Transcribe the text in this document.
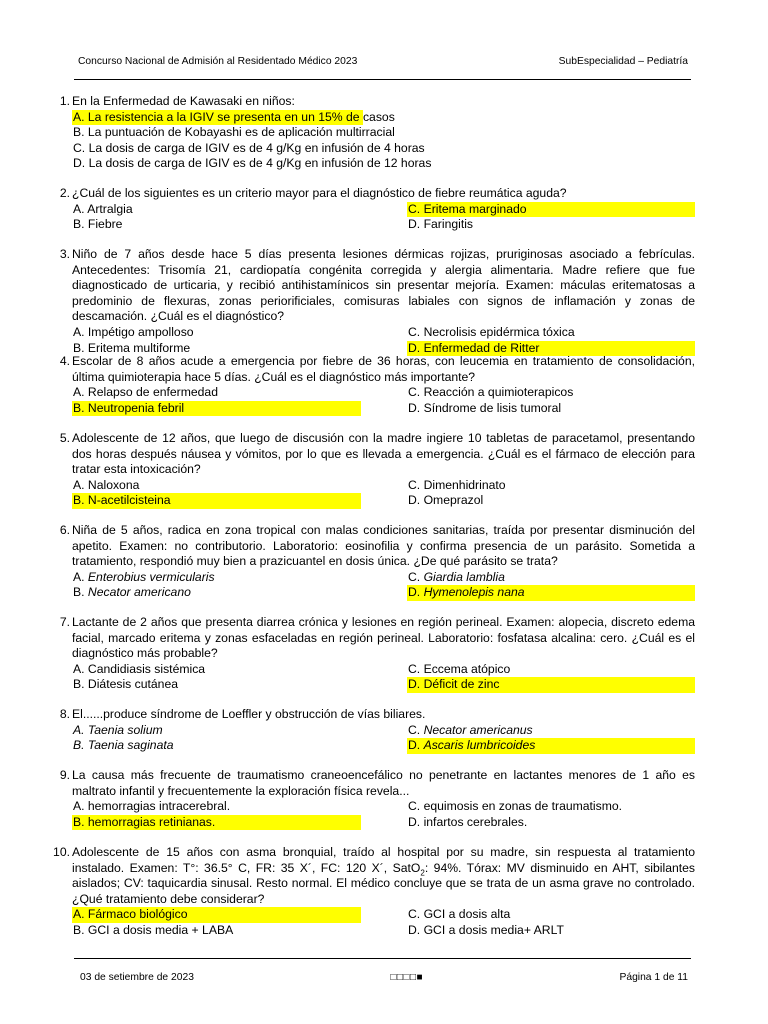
Concurso Nacional de Admisión al Residentado Médico 2023	SubEspecialidad – Pediatría
1. En la Enfermedad de Kawasaki en niños:
A. La resistencia a la IGIV se presenta en un 15% de casos
B. La puntuación de Kobayashi es de aplicación multirracial
C. La dosis de carga de IGIV es de 4 g/Kg en infusión de 4 horas
D. La dosis de carga de IGIV es de 4 g/Kg en infusión de 12 horas
2. ¿Cuál de los siguientes es un criterio mayor para el diagnóstico de fiebre reumática aguda?
A. Artralgia	C. Eritema marginado
B. Fiebre	D. Faringitis
3. Niño de 7 años desde hace 5 días presenta lesiones dérmicas rojizas, pruriginosas asociado a febrículas. Antecedentes: Trisomía 21, cardiopatía congénita corregida y alergia alimentaria. Madre refiere que fue diagnosticado de urticaria, y recibió antihistamínicos sin presentar mejoría. Examen: máculas eritematosas a predominio de flexuras, zonas periorificiales, comisuras labiales con signos de inflamación y zonas de descamación. ¿Cuál es el diagnóstico?
A. Impétigo ampolloso	C. Necrolisis epidérmica tóxica
B. Eritema multiforme	D. Enfermedad de Ritter
4. Escolar de 8 años acude a emergencia por fiebre de 36 horas, con leucemia en tratamiento de consolidación, última quimioterapia hace 5 días. ¿Cuál es el diagnóstico más importante?
A. Relapso de enfermedad	C. Reacción a quimioterapicos
B. Neutropenia febril	D. Síndrome de lisis tumoral
5. Adolescente de 12 años, que luego de discusión con la madre ingiere 10 tabletas de paracetamol, presentando dos horas después náusea y vómitos, por lo que es llevada a emergencia. ¿Cuál es el fármaco de elección para tratar esta intoxicación?
A. Naloxona	C. Dimenhidrinato
B. N-acetilcisteina	D. Omeprazol
6. Niña de 5 años, radica en zona tropical con malas condiciones sanitarias, traída por presentar disminución del apetito. Examen: no contributorio. Laboratorio: eosinofilia y confirma presencia de un parásito. Sometida a tratamiento, respondió muy bien a prazicuantel en dosis única. ¿De qué parásito se trata?
A. Enterobius vermicularis	C. Giardia lamblia
B. Necator americano	D. Hymenolepis nana
7. Lactante de 2 años que presenta diarrea crónica y lesiones en región perineal. Examen: alopecia, discreto edema facial, marcado eritema y zonas esfaceladas en región perineal. Laboratorio: fosfatasa alcalina: cero. ¿Cuál es el diagnóstico más probable?
A. Candidiasis sistémica	C. Eccema atópico
B. Diátesis cutánea	D. Déficit de zinc
8. El......produce síndrome de Loeffler y obstrucción de vías biliares.
A. Taenia solium	C. Necator americanus
B. Taenia saginata	D. Ascaris lumbricoides
9. La causa más frecuente de traumatismo craneoencefálico no penetrante en lactantes menores de 1 año es maltrato infantil y frecuentemente la exploración física revela...
A. hemorragias intracerebral.	C. equimosis en zonas de traumatismo.
B. hemorragias retinianas.	D. infartos cerebrales.
10. Adolescente de 15 años con asma bronquial, traído al hospital por su madre, sin respuesta al tratamiento instalado. Examen: T°: 36.5° C, FR: 35 X´, FC: 120 X´, SatO$_2$: 94%. Tórax: MV disminuido en AHT, sibilantes aislados; CV: taquicardia sinusal. Resto normal. El médico concluye que se trata de un asma grave no controlado. ¿Qué tratamiento debe considerar?
A. Fármaco biológico	C. GCI a dosis alta
B. GCI a dosis media + LABA	D. GCI a dosis media+ ARLT
03 de setiembre de 2023	□□□□■	Página 1 de 11
